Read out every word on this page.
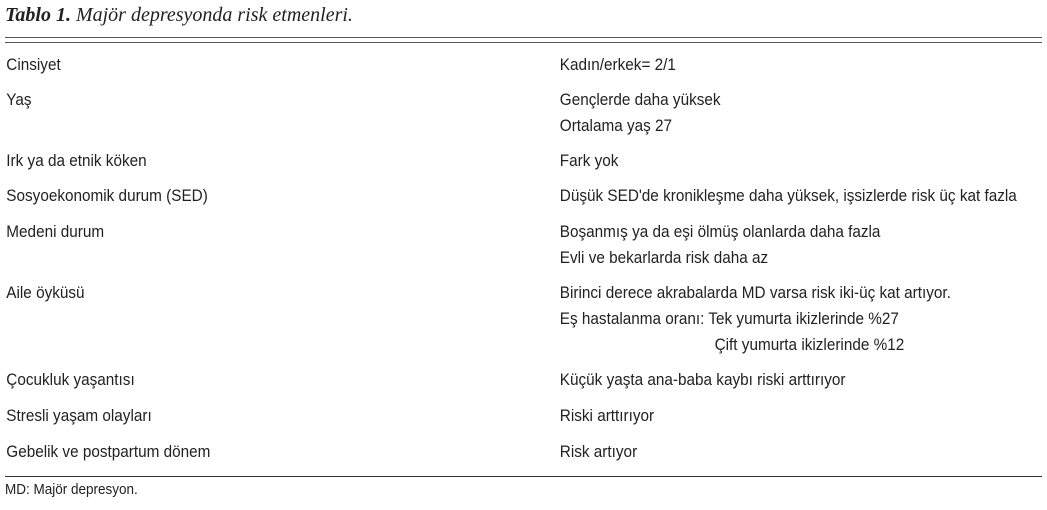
Tablo 1. Majör depresyonda risk etmenleri.
Cinsiyet	Kadın/erkek= 2/1
Yaş	Gençlerde daha yüksek
Ortalama yaş 27
Irk ya da etnik köken	Fark yok
Sosyoekonomik durum (SED)	Düşük SED'de kronikleşme daha yüksek, işsizlerde risk üç kat fazla
Medeni durum	Boşanmış ya da eşi ölmüş olanlarda daha fazla
Evli ve bekarlarda risk daha az
Aile öyküsü	Birinci derece akrabalarda MD varsa risk iki-üç kat artıyor.
Eş hastalanma oranı: Tek yumurta ikizlerinde %27
Çift yumurta ikizlerinde %12
Çocukluk yaşantısı	Küçük yaşta ana-baba kaybı riski arttırıyor
Stresli yaşam olayları	Riski arttırıyor
Gebelik ve postpartum dönem	Risk artıyor
MD: Majör depresyon.
